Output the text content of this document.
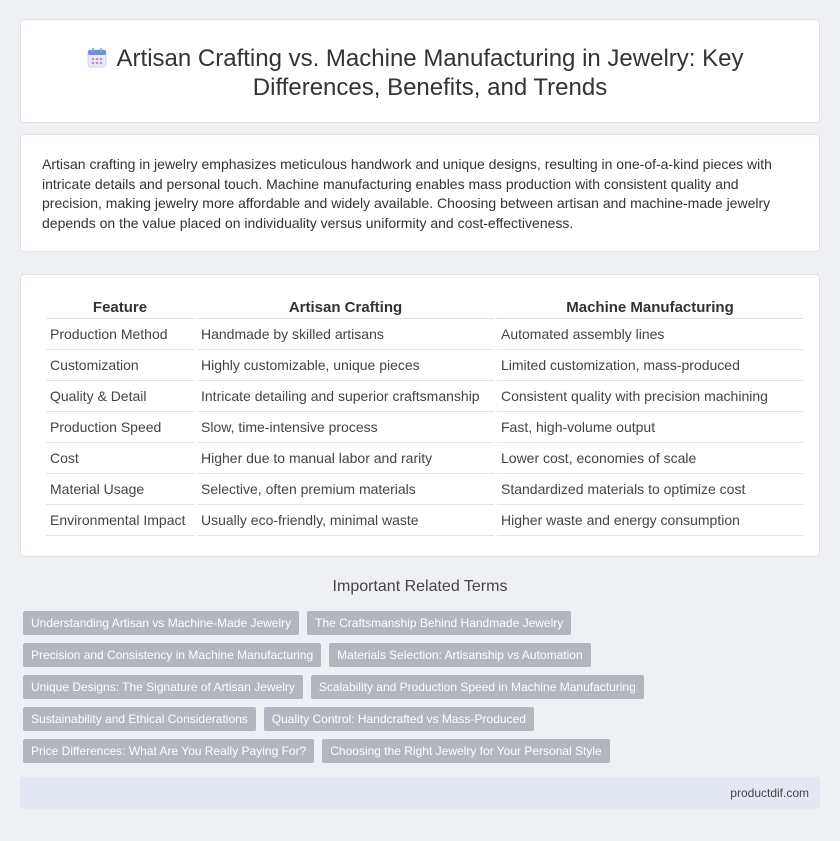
Artisan Crafting vs. Machine Manufacturing in Jewelry: Key Differences, Benefits, and Trends

Artisan crafting in jewelry emphasizes meticulous handwork and unique designs, resulting in one-of-a-kind pieces with intricate details and personal touch. Machine manufacturing enables mass production with consistent quality and precision, making jewelry more affordable and widely available. Choosing between artisan and machine-made jewelry depends on the value placed on individuality versus uniformity and cost-effectiveness.

Feature	Artisan Crafting	Machine Manufacturing
Production Method	Handmade by skilled artisans	Automated assembly lines
Customization	Highly customizable, unique pieces	Limited customization, mass-produced
Quality & Detail	Intricate detailing and superior craftsmanship	Consistent quality with precision machining
Production Speed	Slow, time-intensive process	Fast, high-volume output
Cost	Higher due to manual labor and rarity	Lower cost, economies of scale
Material Usage	Selective, often premium materials	Standardized materials to optimize cost
Environmental Impact	Usually eco-friendly, minimal waste	Higher waste and energy consumption
Important Related Terms
Understanding Artisan vs Machine-Made Jewelry	The Craftsmanship Behind Handmade Jewelry
Precision and Consistency in Machine Manufacturing	Materials Selection: Artisanship vs Automation
Unique Designs: The Signature of Artisan Jewelry	Scalability and Production Speed in Machine Manufacturing
Sustainability and Ethical Considerations	Quality Control: Handcrafted vs Mass-Produced
Price Differences: What Are You Really Paying For?	Choosing the Right Jewelry for Your Personal Style
productdif.com
